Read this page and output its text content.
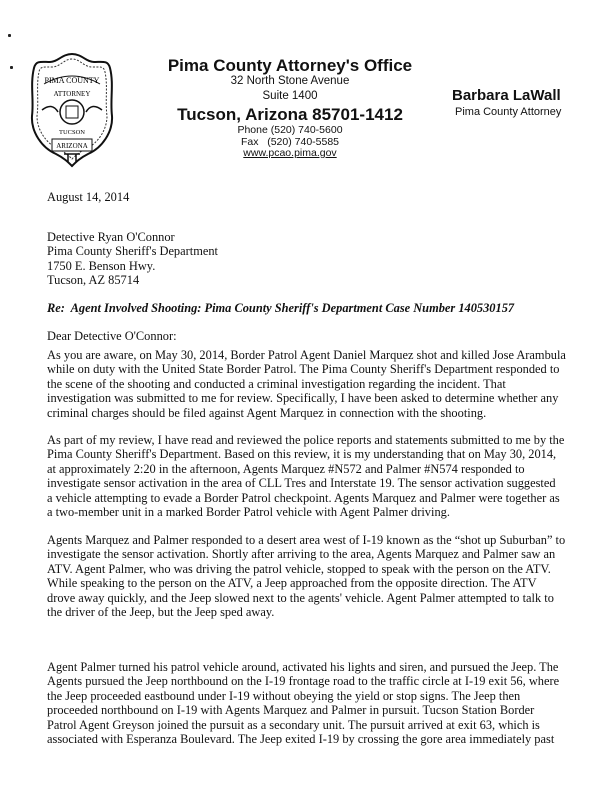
PIMA COUNTY
ATTORNEY
TUCSON
ARIZONA
Pima County Attorney's Office
32 North Stone Avenue
Suite 1400
Tucson, Arizona 85701-1412
Phone (520) 740-5600
Fax   (520) 740-5585
www.pcao.pima.gov
Barbara LaWall
Pima County Attorney
August 14, 2014
Detective Ryan O'Connor
Pima County Sheriff's Department
1750 E. Benson Hwy.
Tucson, AZ 85714
Re:  Agent Involved Shooting: Pima County Sheriff's Department Case Number 140530157
Dear Detective O'Connor:
As you are aware, on May 30, 2014, Border Patrol Agent Daniel Marquez shot and killed Jose Arambula
while on duty with the United State Border Patrol. The Pima County Sheriff's Department responded to
the scene of the shooting and conducted a criminal investigation regarding the incident. That
investigation was submitted to me for review. Specifically, I have been asked to determine whether any
criminal charges should be filed against Agent Marquez in connection with the shooting.
As part of my review, I have read and reviewed the police reports and statements submitted to me by the
Pima County Sheriff's Department. Based on this review, it is my understanding that on May 30, 2014,
at approximately 2:20 in the afternoon, Agents Marquez #N572 and Palmer #N574 responded to
investigate sensor activation in the area of CLL Tres and Interstate 19. The sensor activation suggested
a vehicle attempting to evade a Border Patrol checkpoint. Agents Marquez and Palmer were together as
a two-member unit in a marked Border Patrol vehicle with Agent Palmer driving.
Agents Marquez and Palmer responded to a desert area west of I-19 known as the “shot up Suburban” to
investigate the sensor activation. Shortly after arriving to the area, Agents Marquez and Palmer saw an
ATV. Agent Palmer, who was driving the patrol vehicle, stopped to speak with the person on the ATV.
While speaking to the person on the ATV, a Jeep approached from the opposite direction. The ATV
drove away quickly, and the Jeep slowed next to the agents' vehicle. Agent Palmer attempted to talk to
the driver of the Jeep, but the Jeep sped away.
Agent Palmer turned his patrol vehicle around, activated his lights and siren, and pursued the Jeep. The
Agents pursued the Jeep northbound on the I-19 frontage road to the traffic circle at I-19 exit 56, where
the Jeep proceeded eastbound under I-19 without obeying the yield or stop signs. The Jeep then
proceeded northbound on I-19 with Agents Marquez and Palmer in pursuit. Tucson Station Border
Patrol Agent Greyson joined the pursuit as a secondary unit. The pursuit arrived at exit 63, which is
associated with Esperanza Boulevard. The Jeep exited I-19 by crossing the gore area immediately past
